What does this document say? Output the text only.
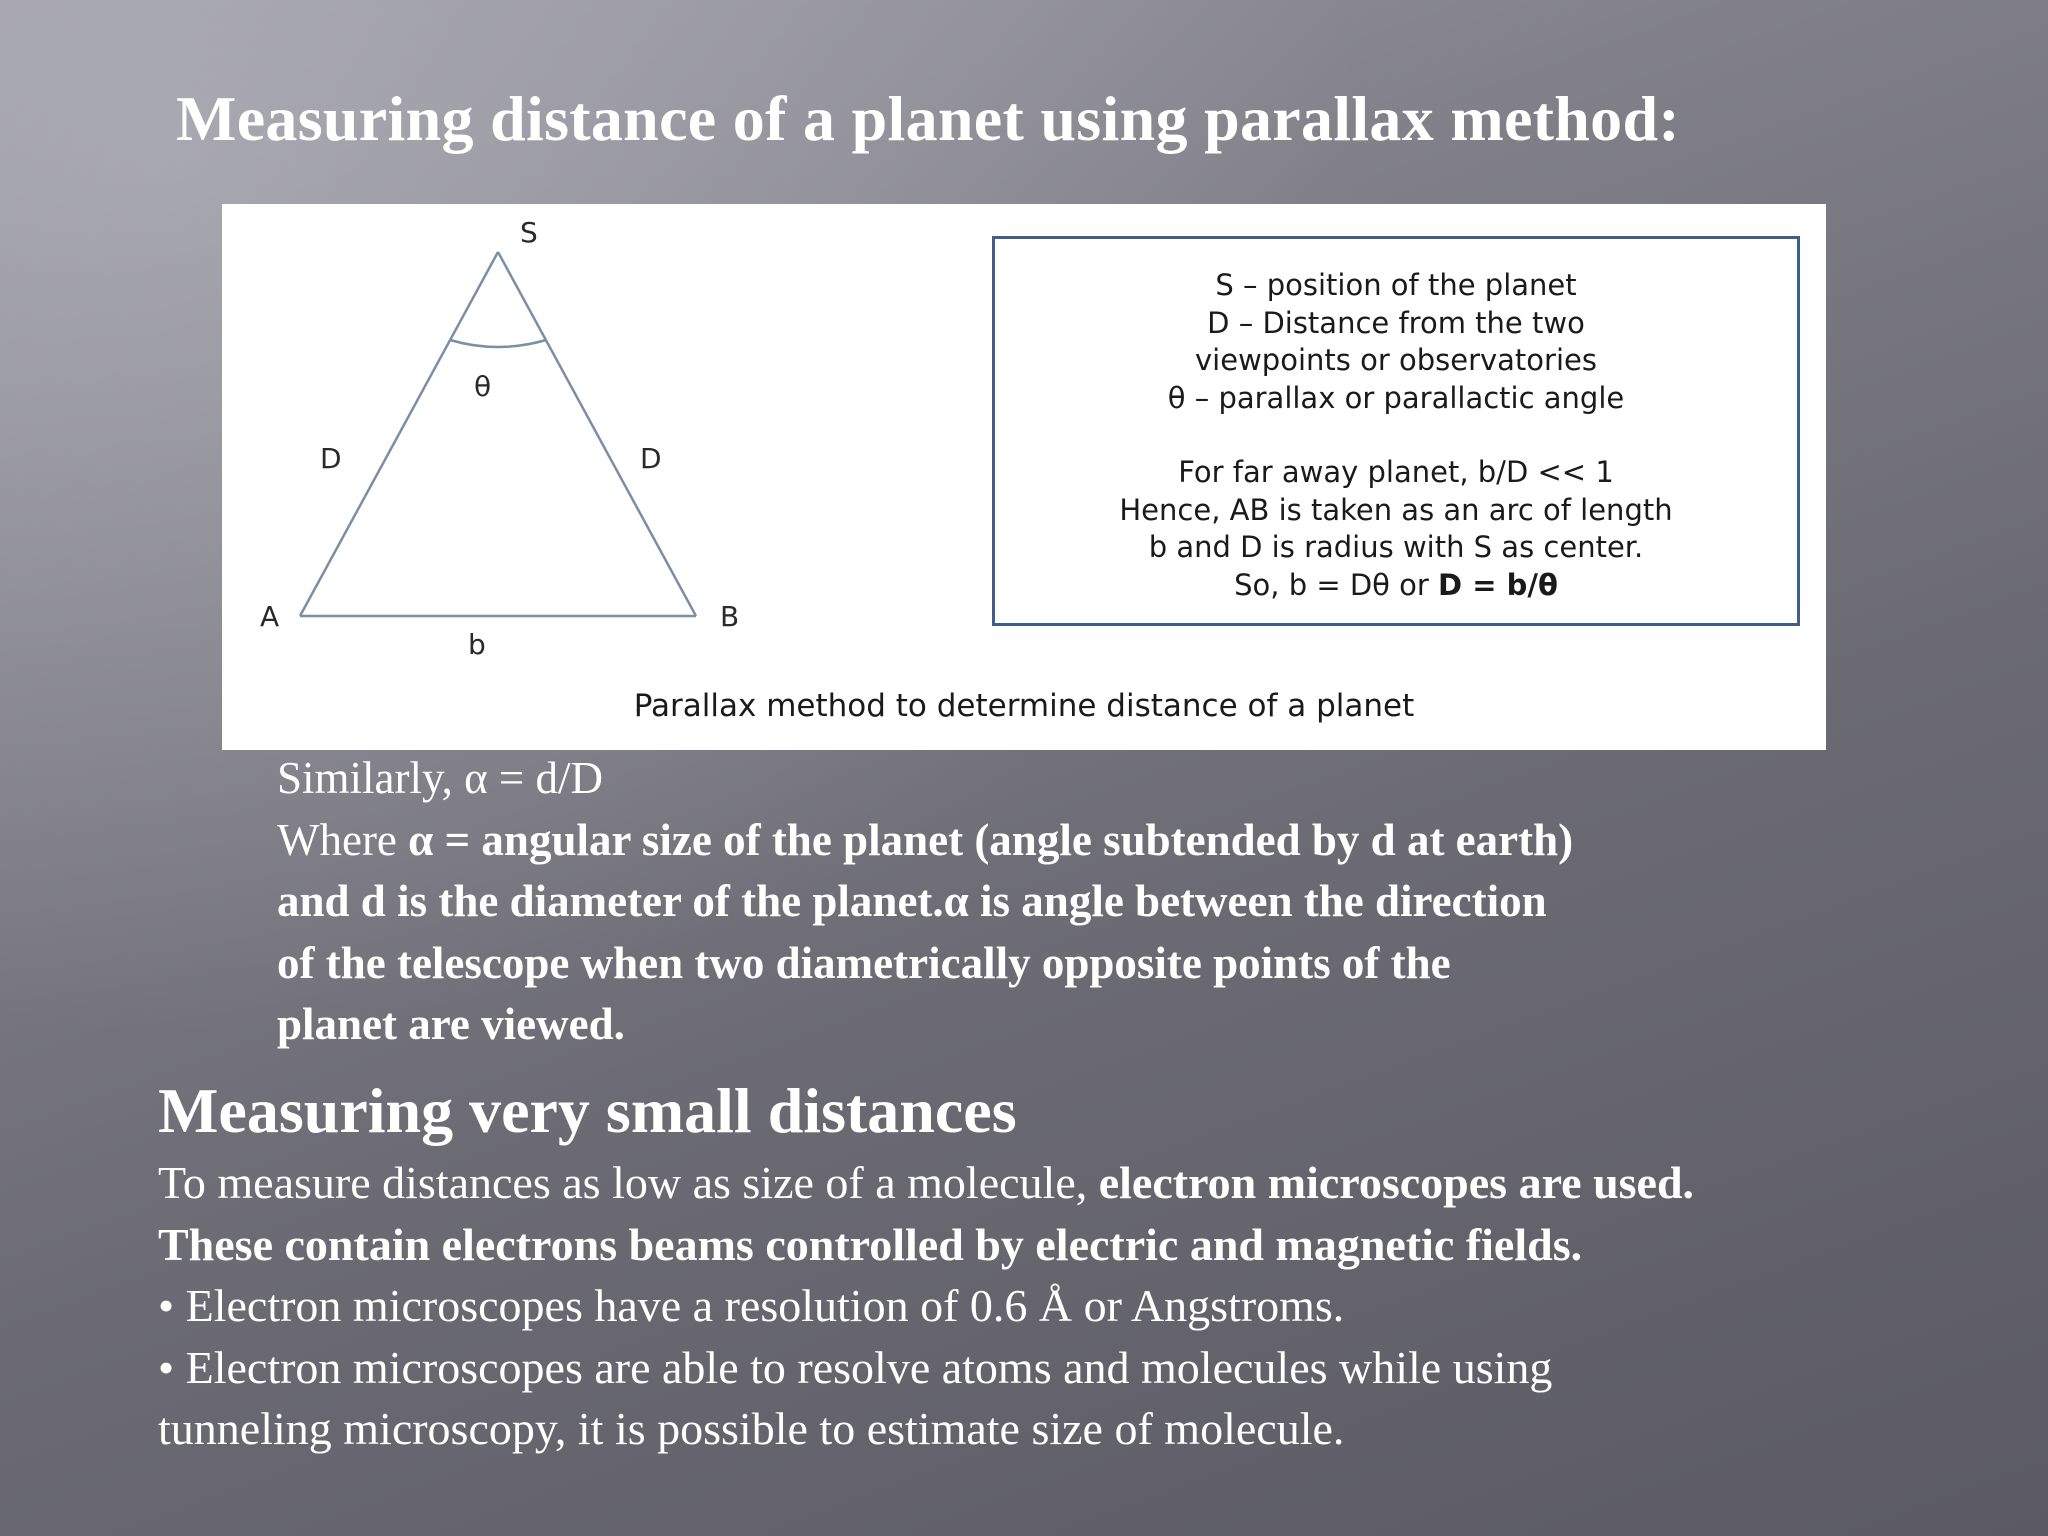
Measuring distance of a planet using parallax method:
S
θ
D	D
A	B
b
S – position of the planet
D – Distance from the two
viewpoints or observatories
θ – parallax or parallactic angle
For far away planet, b/D << 1
Hence, AB is taken as an arc of length
b and D is radius with S as center.
So, b = Dθ or D = b/θ
Parallax method to determine distance of a planet
Similarly, α = d/D
Where α = angular size of the planet (angle subtended by d at earth)
and d is the diameter of the planet.α is angle between the direction
of the telescope when two diametrically opposite points of the
planet are viewed.
Measuring very small distances
To measure distances as low as size of a molecule, electron microscopes are used.
These contain electrons beams controlled by electric and magnetic fields.
• Electron microscopes have a resolution of 0.6 Å or Angstroms.
• Electron microscopes are able to resolve atoms and molecules while using
tunneling microscopy, it is possible to estimate size of molecule.
